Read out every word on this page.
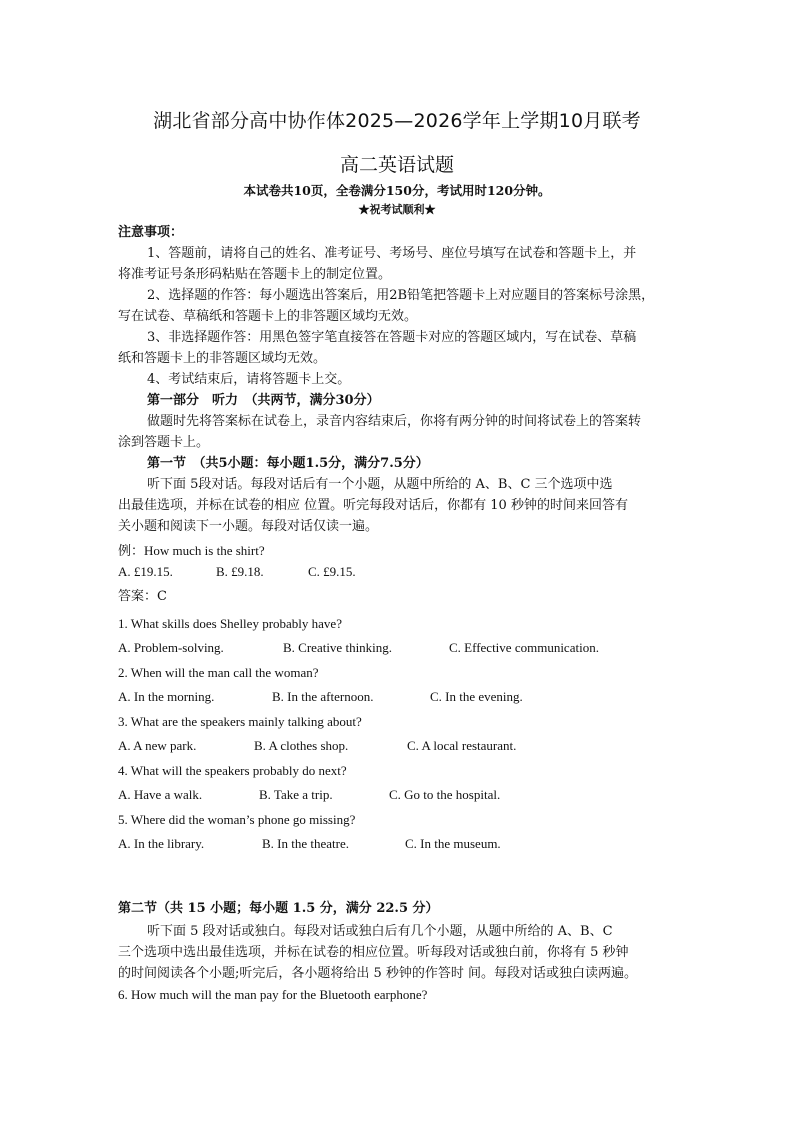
湖北省部分高中协作体2025—2026学年上学期10月联考
高二英语试题
本试卷共10页，全卷满分150分，考试用时120分钟。
★祝考试顺利★
注意事项：
1、答题前，请将自己的姓名、准考证号、考场号、座位号填写在试卷和答题卡上，并
将准考证号条形码粘贴在答题卡上的制定位置。
2、选择题的作答：每小题选出答案后，用2B铅笔把答题卡上对应题目的答案标号涂黑，
写在试卷、草稿纸和答题卡上的非答题区域均无效。
3、非选择题作答：用黑色签字笔直接答在答题卡对应的答题区域内，写在试卷、草稿
纸和答题卡上的非答题区域均无效。
4、考试结束后，请将答题卡上交。
第一部分　听力　（共两节，满分30分）
做题时先将答案标在试卷上，录音内容结束后，你将有两分钟的时间将试卷上的答案转
涂到答题卡上。
第一节　（共5小题：每小题1.5分，满分7.5分）
听下面 5段对话。每段对话后有一个小题，从题中所给的 A、B、C 三个选项中选
出最佳选项，并标在试卷的相应 位置。听完每段对话后，你都有 10 秒钟的时间来回答有
关小题和阅读下一小题。每段对话仅读一遍。
例：How much is the shirt?
A. £19.15.	B. £9.18.	C. £9.15.
答案：C
1. What skills does Shelley probably have?
A. Problem-solving.	B. Creative thinking.	C. Effective communication.
2. When will the man call the woman?
A. In the morning.	B. In the afternoon.	C. In the evening.
3. What are the speakers mainly talking about?
A. A new park.	B. A clothes shop.	C. A local restaurant.
4. What will the speakers probably do next?
A. Have a walk.	B. Take a trip.	C. Go to the hospital.
5. Where did the woman’s phone go missing?
A. In the library.	B. In the theatre.	C. In the museum.
第二节（共 15 小题；每小题 1.5 分，满分 22.5 分）
听下面 5 段对话或独白。每段对话或独白后有几个小题，从题中所给的 A、B、C
三个选项中选出最佳选项，并标在试卷的相应位置。听每段对话或独白前，你将有 5 秒钟
的时间阅读各个小题;听完后，各小题将给出 5 秒钟的作答时 间。每段对话或独白读两遍。
6. How much will the man pay for the Bluetooth earphone?
